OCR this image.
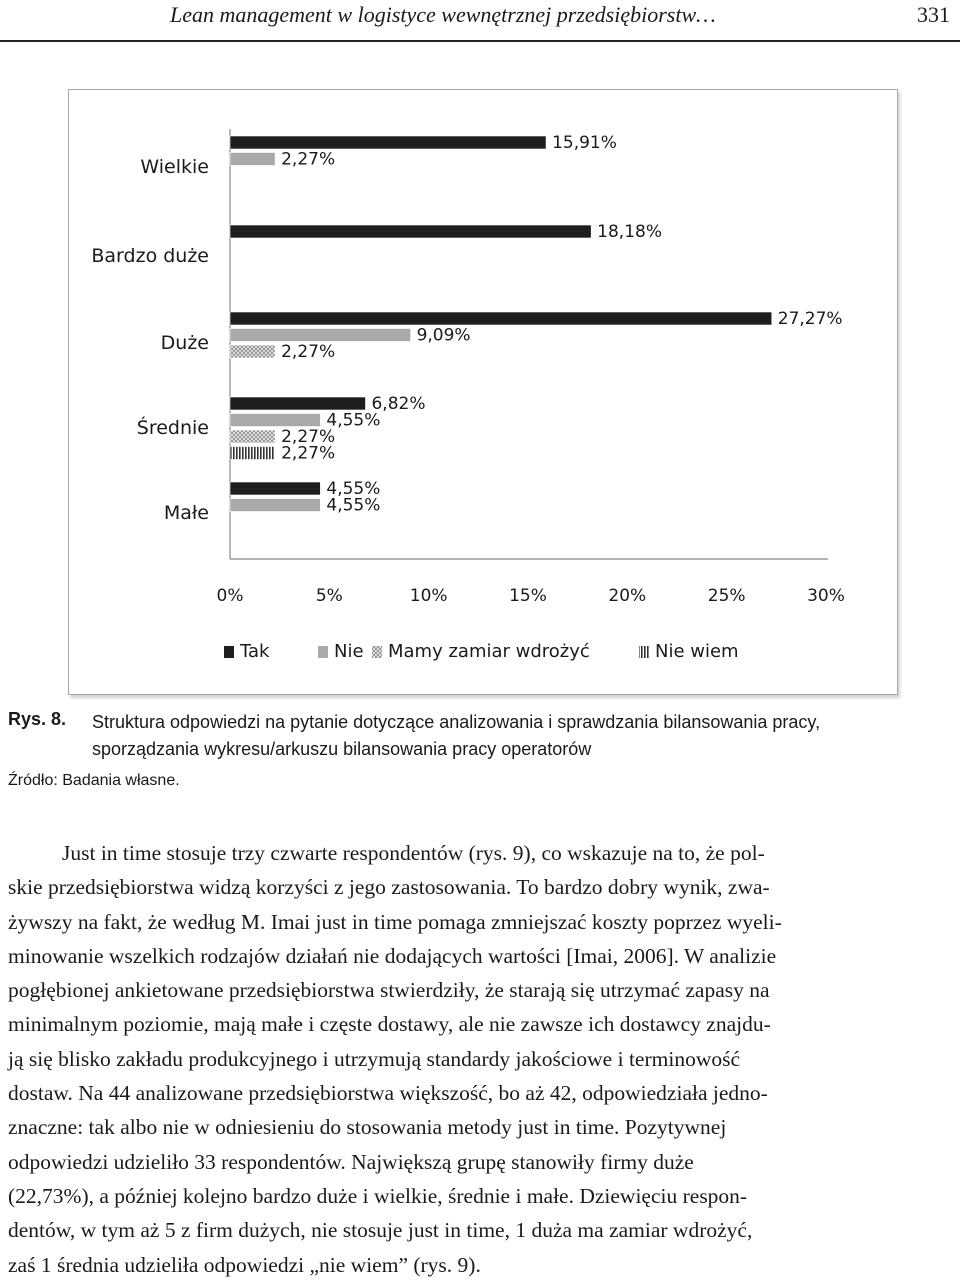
Lean management w logistyce wewnętrznej przedsiębiorstw…	331
Wielkie
15,91%
2,27%
Bardzo duże
18,18%
Duże
27,27%
9,09%
2,27%
Średnie
6,82%
4,55%
2,27%
2,27%
Małe
4,55%
4,55%
0%	5%	10%	15%	20%	25%	30%
Tak	Nie Mamy zamiar wdrożyć	Nie wiem
Rys. 8. Struktura odpowiedzi na pytanie dotyczące analizowania i sprawdzania bilansowania pracy, sporządzania wykresu/arkuszu bilansowania pracy operatorów
Źródło: Badania własne.
Just in time stosuje trzy czwarte respondentów (rys. 9), co wskazuje na to, że pol-
skie przedsiębiorstwa widzą korzyści z jego zastosowania. To bardzo dobry wynik, zwa-
żywszy na fakt, że według M. Imai just in time pomaga zmniejszać koszty poprzez wyeli-
minowanie wszelkich rodzajów działań nie dodających wartości [Imai, 2006]. W analizie
pogłębionej ankietowane przedsiębiorstwa stwierdziły, że starają się utrzymać zapasy na
minimalnym poziomie, mają małe i częste dostawy, ale nie zawsze ich dostawcy znajdu-
ją się blisko zakładu produkcyjnego i utrzymują standardy jakościowe i terminowość
dostaw. Na 44 analizowane przedsiębiorstwa większość, bo aż 42, odpowiedziała jedno-
znaczne: tak albo nie w odniesieniu do stosowania metody just in time. Pozytywnej
odpowiedzi udzieliło 33 respondentów. Największą grupę stanowiły firmy duże
(22,73%), a później kolejno bardzo duże i wielkie, średnie i małe. Dziewięciu respon-
dentów, w tym aż 5 z firm dużych, nie stosuje just in time, 1 duża ma zamiar wdrożyć,
zaś 1 średnia udzieliła odpowiedzi „nie wiem” (rys. 9).
